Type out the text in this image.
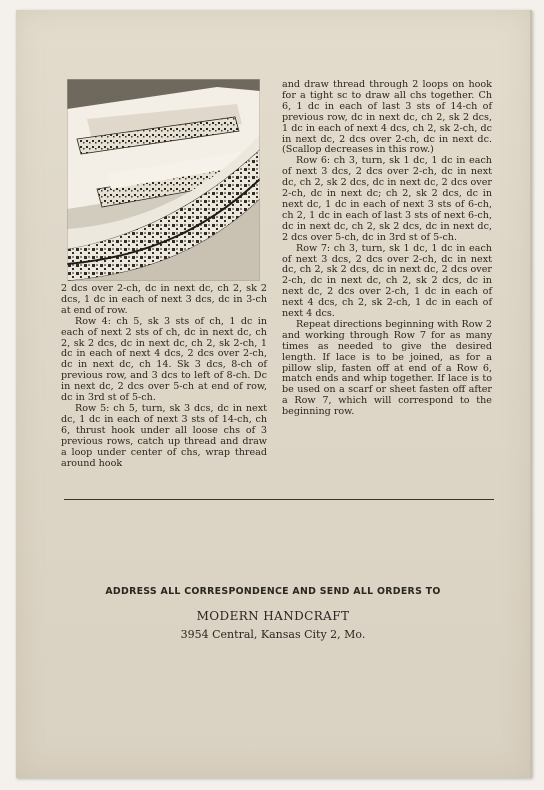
2 dcs over 2-ch, dc in next dc, ch 2, sk 2 dcs, 1 dc in each of next 3 dcs, dc in 3-ch at end of row.

Row 4: ch 5, sk 3 sts of ch, 1 dc in each of next 2 sts of ch, dc in next dc, ch 2, sk 2 dcs, dc in next dc, ch 2, sk 2-ch, 1 dc in each of next 4 dcs, 2 dcs over 2-ch, dc in next dc, ch 14. Sk 3 dcs, 8-ch of previous row, and 3 dcs to left of 8-ch. Dc in next dc, 2 dcs over 5-ch at end of row, dc in 3rd st of 5-ch.

Row 5: ch 5, turn, sk 3 dcs, dc in next dc, 1 dc in each of next 3 sts of 14-ch, ch 6, thrust hook under all loose chs of 3 previous rows, catch up thread and draw a loop under center of chs, wrap thread around hook

and draw thread through 2 loops on hook for a tight sc to draw all chs together. Ch 6, 1 dc in each of last 3 sts of 14-ch of previous row, dc in next dc, ch 2, sk 2 dcs, 1 dc in each of next 4 dcs, ch 2, sk 2-ch, dc in next dc, 2 dcs over 2-ch, dc in next dc. (Scallop decreases in this row.)

Row 6: ch 3, turn, sk 1 dc, 1 dc in each of next 3 dcs, 2 dcs over 2-ch, dc in next dc, ch 2, sk 2 dcs, dc in next dc, 2 dcs over 2-ch, dc in next dc; ch 2, sk 2 dcs, dc in next dc, 1 dc in each of next 3 sts of 6-ch, ch 2, 1 dc in each of last 3 sts of next 6-ch, dc in next dc, ch 2, sk 2 dcs, dc in next dc, 2 dcs over 5-ch, dc in 3rd st of 5-ch.

Row 7: ch 3, turn, sk 1 dc, 1 dc in each of next 3 dcs, 2 dcs over 2-ch, dc in next dc, ch 2, sk 2 dcs, dc in next dc, 2 dcs over 2-ch, dc in next dc, ch 2, sk 2 dcs, dc in next dc, 2 dcs over 2-ch, 1 dc in each of next 4 dcs, ch 2, sk 2-ch, 1 dc in each of next 4 dcs.

Repeat directions beginning with Row 2 and working through Row 7 for as many times as needed to give the desired length. If lace is to be joined, as for a pillow slip, fasten off at end of a Row 6, match ends and whip together. If lace is to be used on a scarf or sheet fasten off after a Row 7, which will correspond to the beginning row.

ADDRESS ALL CORRESPONDENCE AND SEND ALL ORDERS TO
MODERN HANDCRAFT
3954 Central, Kansas City 2, Mo.
